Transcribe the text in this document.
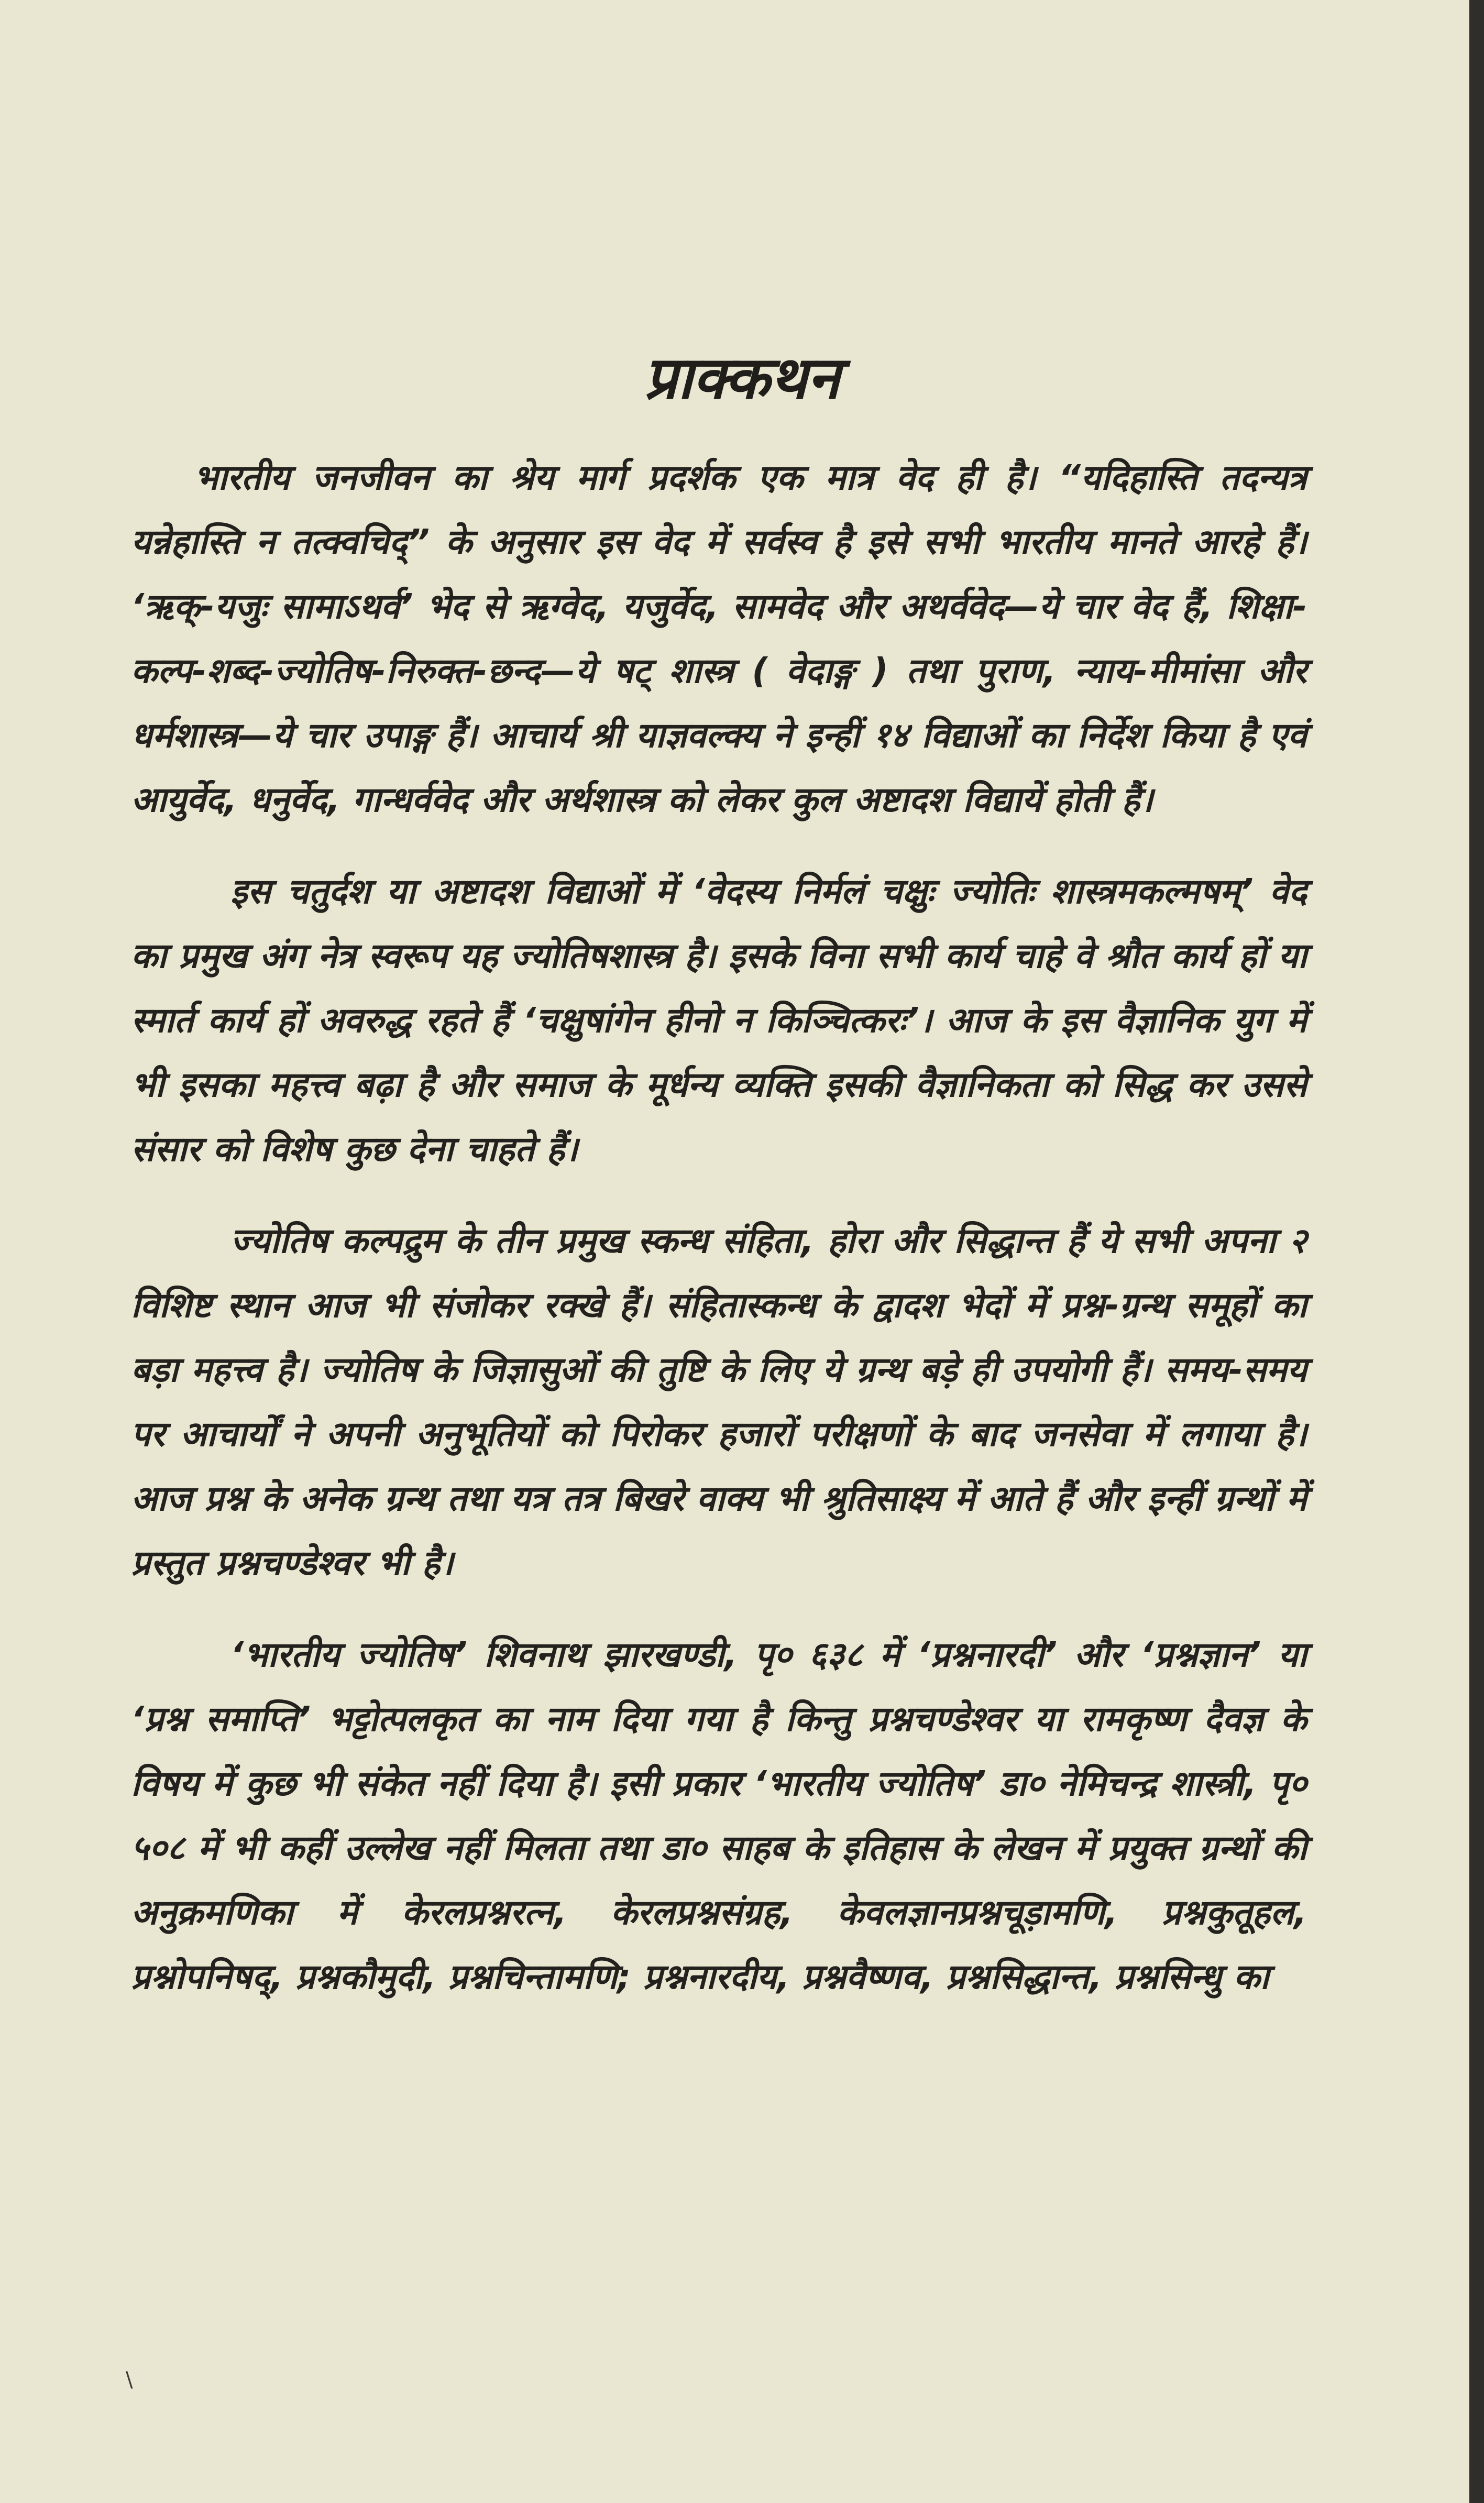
प्राक्कथन

भारतीय जनजीवन का श्रेय मार्ग प्रदर्शक एक मात्र वेद ही है। “यदिहास्ति तदन्यत्र यन्नेहास्ति न तत्क्वचिद्” के अनुसार इस वेद में सर्वस्व है इसे सभी भारतीय मानते आरहे हैं। ‘ऋक्-यजुः सामाऽथर्व’ भेद से ऋग्वेद, यजुर्वेद, सामवेद और अथर्ववेद—ये चार वेद हैं, शिक्षा-कल्प-शब्द-ज्योतिष-निरुक्त-छन्द—ये षट् शास्त्र ( वेदाङ्ग ) तथा पुराण, न्याय-मीमांसा और धर्मशास्त्र—ये चार उपाङ्ग हैं। आचार्य श्री याज्ञवल्क्य ने इन्हीं १४ विद्याओं का निर्देश किया है एवं आयुर्वेद, धनुर्वेद, गान्धर्ववेद और अर्थशास्त्र को लेकर कुल अष्टादश विद्यायें होती हैं।

इस चतुर्दश या अष्टादश विद्याओं में ‘वेदस्य निर्मलं चक्षुः ज्योतिः शास्त्रमकल्मषम्’ वेद का प्रमुख अंग नेत्र स्वरूप यह ज्योतिषशास्त्र है। इसके विना सभी कार्य चाहे वे श्रौत कार्य हों या स्मार्त कार्य हों अवरुद्ध रहते हैं ‘चक्षुषांगेन हीनो न किञ्चित्करः’। आज के इस वैज्ञानिक युग में भी इसका महत्त्व बढ़ा है और समाज के मूर्धन्य व्यक्ति इसकी वैज्ञानिकता को सिद्ध कर उससे संसार को विशेष कुछ देना चाहते हैं।

ज्योतिष कल्पद्रुम के तीन प्रमुख स्कन्ध संहिता, होरा और सिद्धान्त हैं ये सभी अपना २ विशिष्ट स्थान आज भी संजोकर रक्खे हैं। संहितास्कन्ध के द्वादश भेदों में प्रश्न-ग्रन्थ समूहों का बड़ा महत्त्व है। ज्योतिष के जिज्ञासुओं की तुष्टि के लिए ये ग्रन्थ बड़े ही उपयोगी हैं। समय-समय पर आचार्यों ने अपनी अनुभूतियों को पिरोकर हजारों परीक्षणों के बाद जनसेवा में लगाया है। आज प्रश्न के अनेक ग्रन्थ तथा यत्र तत्र बिखरे वाक्य भी श्रुतिसाक्ष्य में आते हैं और इन्हीं ग्रन्थों में प्रस्तुत प्रश्नचण्डेश्वर भी है।

‘भारतीय ज्योतिष’ शिवनाथ झारखण्डी, पृ० ६३८ में ‘प्रश्ननारदी’ और ‘प्रश्नज्ञान’ या ‘प्रश्न समाप्ति’ भट्टोत्पलकृत का नाम दिया गया है किन्तु प्रश्नचण्डेश्वर या रामकृष्ण दैवज्ञ के विषय में कुछ भी संकेत नहीं दिया है। इसी प्रकार ‘भारतीय ज्योतिष’ डा० नेमिचन्द्र शास्त्री, पृ० ५०८ में भी कहीं उल्लेख नहीं मिलता तथा डा० साहब के इतिहास के लेखन में प्रयुक्त ग्रन्थों की अनुक्रमणिका में केरलप्रश्नरत्न, केरलप्रश्नसंग्रह, केवलज्ञानप्रश्नचूड़ामणि, प्रश्नकुतूहल, प्रश्नोपनिषद्, प्रश्नकौमुदी, प्रश्नचिन्तामणि; प्रश्ननारदीय, प्रश्नवैष्णव, प्रश्नसिद्धान्त, प्रश्नसिन्धु का

\
